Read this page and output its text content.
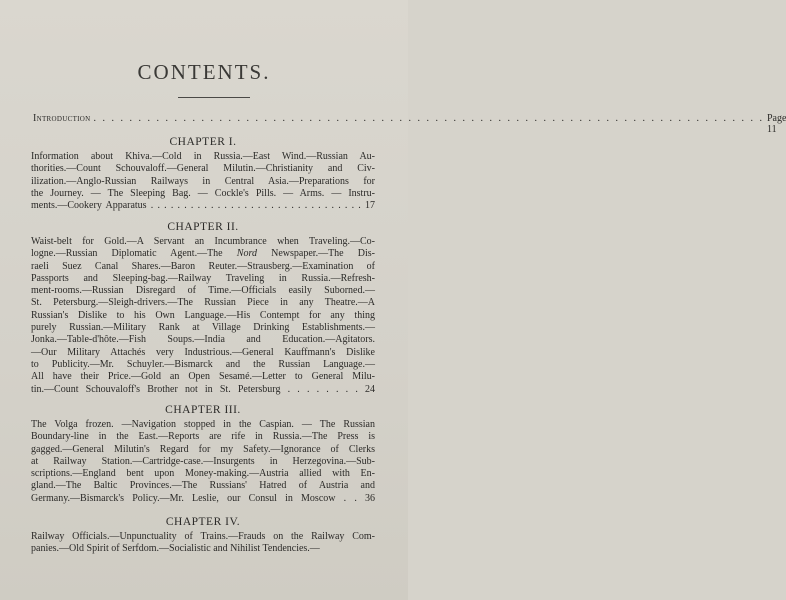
CONTENTS.
Introduction . . . . . . . . . . . . . . . . . . . . . . . . . . . . . . . . . . . . . . . . . . . . . . . . . . . . . . . . . . . . . . . . . . . . . . . . . . . Page 11
CHAPTER I.
Information about Khiva.—Cold in Russia.—East Wind.—Russian Au-
thorities.—Count Schouvaloff.—General Milutin.—Christianity and Civ-
ilization.—Anglo-Russian Railways in Central Asia.—Preparations for
the Journey. — The Sleeping Bag. — Cockle's Pills. — Arms. — Instru-
ments.—Cookery Apparatus . . . . . . . . . . . . . . . . . . . . . . . . . . . . . . . . 17
CHAPTER II.
Waist-belt for Gold.—A Servant an Incumbrance when Traveling.—Co-
logne.—Russian Diplomatic Agent.—The Nord Newspaper.—The Dis-
raeli Suez Canal Shares.—Baron Reuter.—Strausberg.—Examination of
Passports and Sleeping-bag.—Railway Traveling in Russia.—Refresh-
ment-rooms.—Russian Disregard of Time.—Officials easily Suborned.—
St. Petersburg.—Sleigh-drivers.—The Russian Piece in any Theatre.—A
Russian's Dislike to his Own Language.—His Contempt for any thing
purely Russian.—Military Rank at Village Drinking Establishments.—
Jonka.—Table-d'hôte.—Fish Soups.—India and Education.—Agitators.
—Our Military Attachés very Industrious.—General Kauffmann's Dislike
to Publicity.—Mr. Schuyler.—Bismarck and the Russian Language.—
All have their Price.—Gold an Open Sesamé.—Letter to General Milu-
tin.—Count Schouvaloff's Brother not in St. Petersburg . . . . . . . . 24
CHAPTER III.
The Volga frozen. —Navigation stopped in the Caspian. — The Russian
Boundary-line in the East.—Reports are rife in Russia.—The Press is
gagged.—General Milutin's Regard for my Safety.—Ignorance of Clerks
at Railway Station.—Cartridge-case.—Insurgents in Herzegovina.—Sub-
scriptions.—England bent upon Money-making.—Austria allied with En-
gland.—The Baltic Provinces.—The Russians' Hatred of Austria and
Germany.—Bismarck's Policy.—Mr. Leslie, our Consul in Moscow . . 36
CHAPTER IV.
Railway Officials.—Unpunctuality of Trains.—Frauds on the Railway Com-
panies.—Old Spirit of Serfdom.—Socialistic and Nihilist Tendencies.—
